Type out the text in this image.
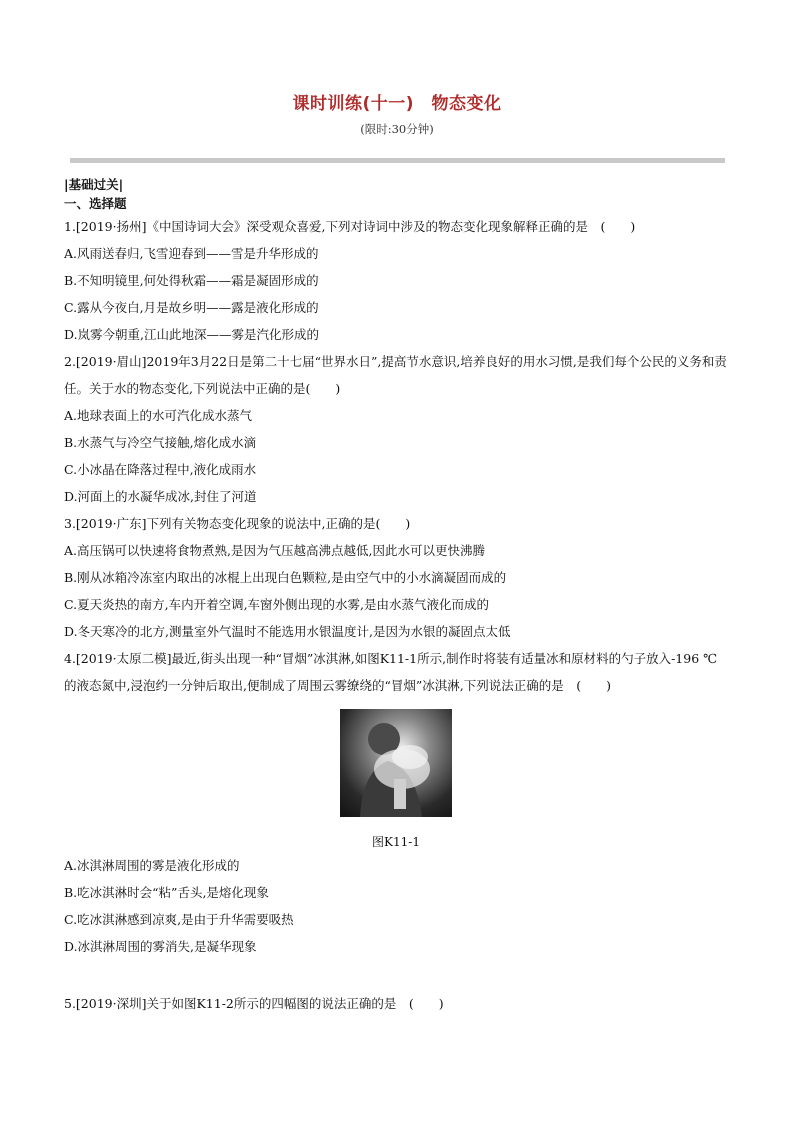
课时训练(十一)　物态变化
(限时:30分钟)
|基础过关|
一、选择题
1.[2019·扬州]《中国诗词大会》深受观众喜爱,下列对诗词中涉及的物态变化现象解释正确的是　(　　)
A.风雨送春归,飞雪迎春到——雪是升华形成的
B.不知明镜里,何处得秋霜——霜是凝固形成的
C.露从今夜白,月是故乡明——露是液化形成的
D.岚雾今朝重,江山此地深——雾是汽化形成的
2.[2019·眉山]2019年3月22日是第二十七届“世界水日”,提高节水意识,培养良好的用水习惯,是我们每个公民的义务和责任。关于水的物态变化,下列说法中正确的是(　　)
A.地球表面上的水可汽化成水蒸气
B.水蒸气与冷空气接触,熔化成水滴
C.小冰晶在降落过程中,液化成雨水
D.河面上的水凝华成冰,封住了河道
3.[2019·广东]下列有关物态变化现象的说法中,正确的是(　　)
A.高压锅可以快速将食物煮熟,是因为气压越高沸点越低,因此水可以更快沸腾
B.刚从冰箱冷冻室内取出的冰棍上出现白色颗粒,是由空气中的小水滴凝固而成的
C.夏天炎热的南方,车内开着空调,车窗外侧出现的水雾,是由水蒸气液化而成的
D.冬天寒冷的北方,测量室外气温时不能选用水银温度计,是因为水银的凝固点太低
4.[2019·太原二模]最近,街头出现一种“冒烟”冰淇淋,如图K11-1所示,制作时将装有适量冰和原材料的勺子放入-196 ℃的液态氮中,浸泡约一分钟后取出,便制成了周围云雾缭绕的“冒烟”冰淇淋,下列说法正确的是　(　　)
图K11-1
A.冰淇淋周围的雾是液化形成的
B.吃冰淇淋时会“粘”舌头,是熔化现象
C.吃冰淇淋感到凉爽,是由于升华需要吸热
D.冰淇淋周围的雾消失,是凝华现象
5.[2019·深圳]关于如图K11-2所示的四幅图的说法正确的是　(　　)
